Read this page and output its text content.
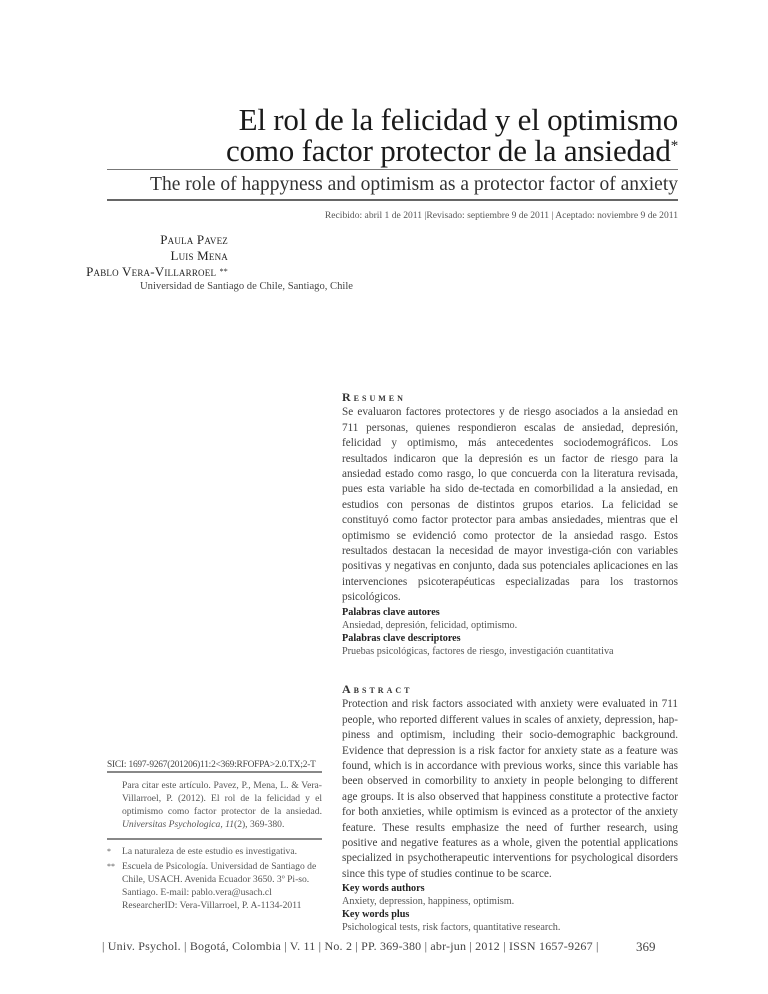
El rol de la felicidad y el optimismo
como factor protector de la ansiedad*
The role of happyness and optimism as a protector factor of anxiety
Recibido: abril 1 de 2011 |Revisado: septiembre 9 de 2011 | Aceptado: noviembre 9 de 2011
Paula Pavez
Luis Mena
Pablo Vera-Villarroel **
Universidad de Santiago de Chile, Santiago, Chile
Resumen
Se evaluaron factores protectores y de riesgo asociados a la ansiedad en 711 personas, quienes respondieron escalas de ansiedad, depresión, felicidad y optimismo, más antecedentes sociodemográficos. Los resultados indicaron que la depresión es un factor de riesgo para la ansiedad estado como rasgo, lo que concuerda con la literatura revisada, pues esta variable ha sido de-tectada en comorbilidad a la ansiedad, en estudios con personas de distintos grupos etarios. La felicidad se constituyó como factor protector para ambas ansiedades, mientras que el optimismo se evidenció como protector de la ansiedad rasgo. Estos resultados destacan la necesidad de mayor investiga-ción con variables positivas y negativas en conjunto, dada sus potenciales aplicaciones en las intervenciones psicoterapéuticas especializadas para los trastornos psicológicos.
Palabras clave autores
Ansiedad, depresión, felicidad, optimismo.
Palabras clave descriptores
Pruebas psicológicas, factores de riesgo, investigación cuantitativa
Abstract
Protection and risk factors associated with anxiety were evaluated in 711 people, who reported different values in scales of anxiety, depression, hap-piness and optimism, including their socio-demographic background. Evidence that depression is a risk factor for anxiety state as a feature was found, which is in accordance with previous works, since this variable has been observed in comorbility to anxiety in people belonging to different age groups. It is also observed that happiness constitute a protective factor for both anxieties, while optimism is evinced as a protector of the anxiety feature. These results emphasize the need of further research, using positive and negative features as a whole, given the potential applications specialized in psychotherapeutic interventions for psychological disorders since this type of studies continue to be scarce.
Key words authors
Anxiety, depression, happiness, optimism.
Key words plus
Psichological tests, risk factors, quantitative research.
SICI: 1697-9267(201206)11:2<369:RFOFPA>2.0.TX;2-T
Para citar este artículo. Pavez, P., Mena, L. & Vera-Villarroel, P. (2012). El rol de la felicidad y el optimismo como factor protector de la ansiedad. Universitas Psychologica, 11(2), 369-380.
* La naturaleza de este estudio es investigativa.
** Escuela de Psicología. Universidad de Santiago de Chile, USACH. Avenida Ecuador 3650. 3º Pi-so. Santiago. E-mail: pablo.vera@usach.cl ResearcherID: Vera-Villarroel, P. A-1134-2011
| Univ. Psychol. | Bogotá, Colombia | V. 11 | No. 2 | PP. 369-380 | abr-jun | 2012 | ISSN 1657-9267 |	369
